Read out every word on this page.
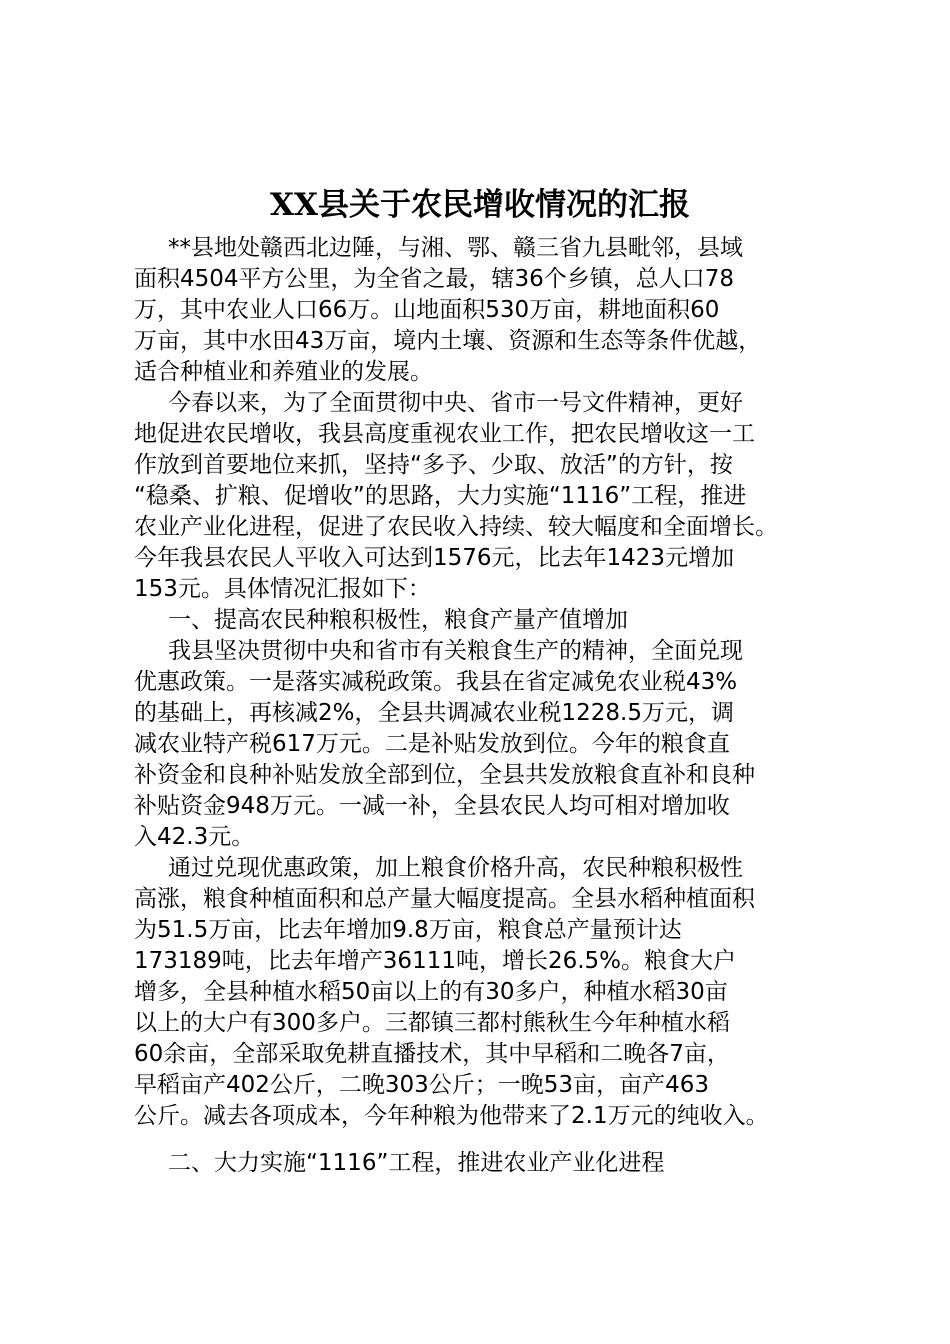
XX县关于农民增收情况的汇报
**县地处赣西北边陲，与湘、鄂、赣三省九县毗邻，县域
面积4504平方公里，为全省之最，辖36个乡镇，总人口78
万，其中农业人口66万。山地面积530万亩，耕地面积60
万亩，其中水田43万亩，境内土壤、资源和生态等条件优越，
适合种植业和养殖业的发展。
今春以来，为了全面贯彻中央、省市一号文件精神，更好
地促进农民增收，我县高度重视农业工作，把农民增收这一工
作放到首要地位来抓，坚持“多予、少取、放活”的方针，按
“稳桑、扩粮、促增收”的思路，大力实施“1116”工程，推进
农业产业化进程，促进了农民收入持续、较大幅度和全面增长。
今年我县农民人平收入可达到1576元，比去年1423元增加
153元。具体情况汇报如下：
一、提高农民种粮积极性，粮食产量产值增加
我县坚决贯彻中央和省市有关粮食生产的精神，全面兑现
优惠政策。一是落实减税政策。我县在省定减免农业税43%
的基础上，再核减2%，全县共调减农业税1228.5万元，调
减农业特产税617万元。二是补贴发放到位。今年的粮食直
补资金和良种补贴发放全部到位，全县共发放粮食直补和良种
补贴资金948万元。一减一补，全县农民人均可相对增加收
入42.3元。
通过兑现优惠政策，加上粮食价格升高，农民种粮积极性
高涨，粮食种植面积和总产量大幅度提高。全县水稻种植面积
为51.5万亩，比去年增加9.8万亩，粮食总产量预计达
173189吨，比去年增产36111吨，增长26.5%。粮食大户
增多，全县种植水稻50亩以上的有30多户，种植水稻30亩
以上的大户有300多户。三都镇三都村熊秋生今年种植水稻
60余亩，全部采取免耕直播技术，其中早稻和二晚各7亩，
早稻亩产402公斤，二晚303公斤；一晚53亩，亩产463
公斤。减去各项成本，今年种粮为他带来了2.1万元的纯收入。
二、大力实施“1116”工程，推进农业产业化进程
